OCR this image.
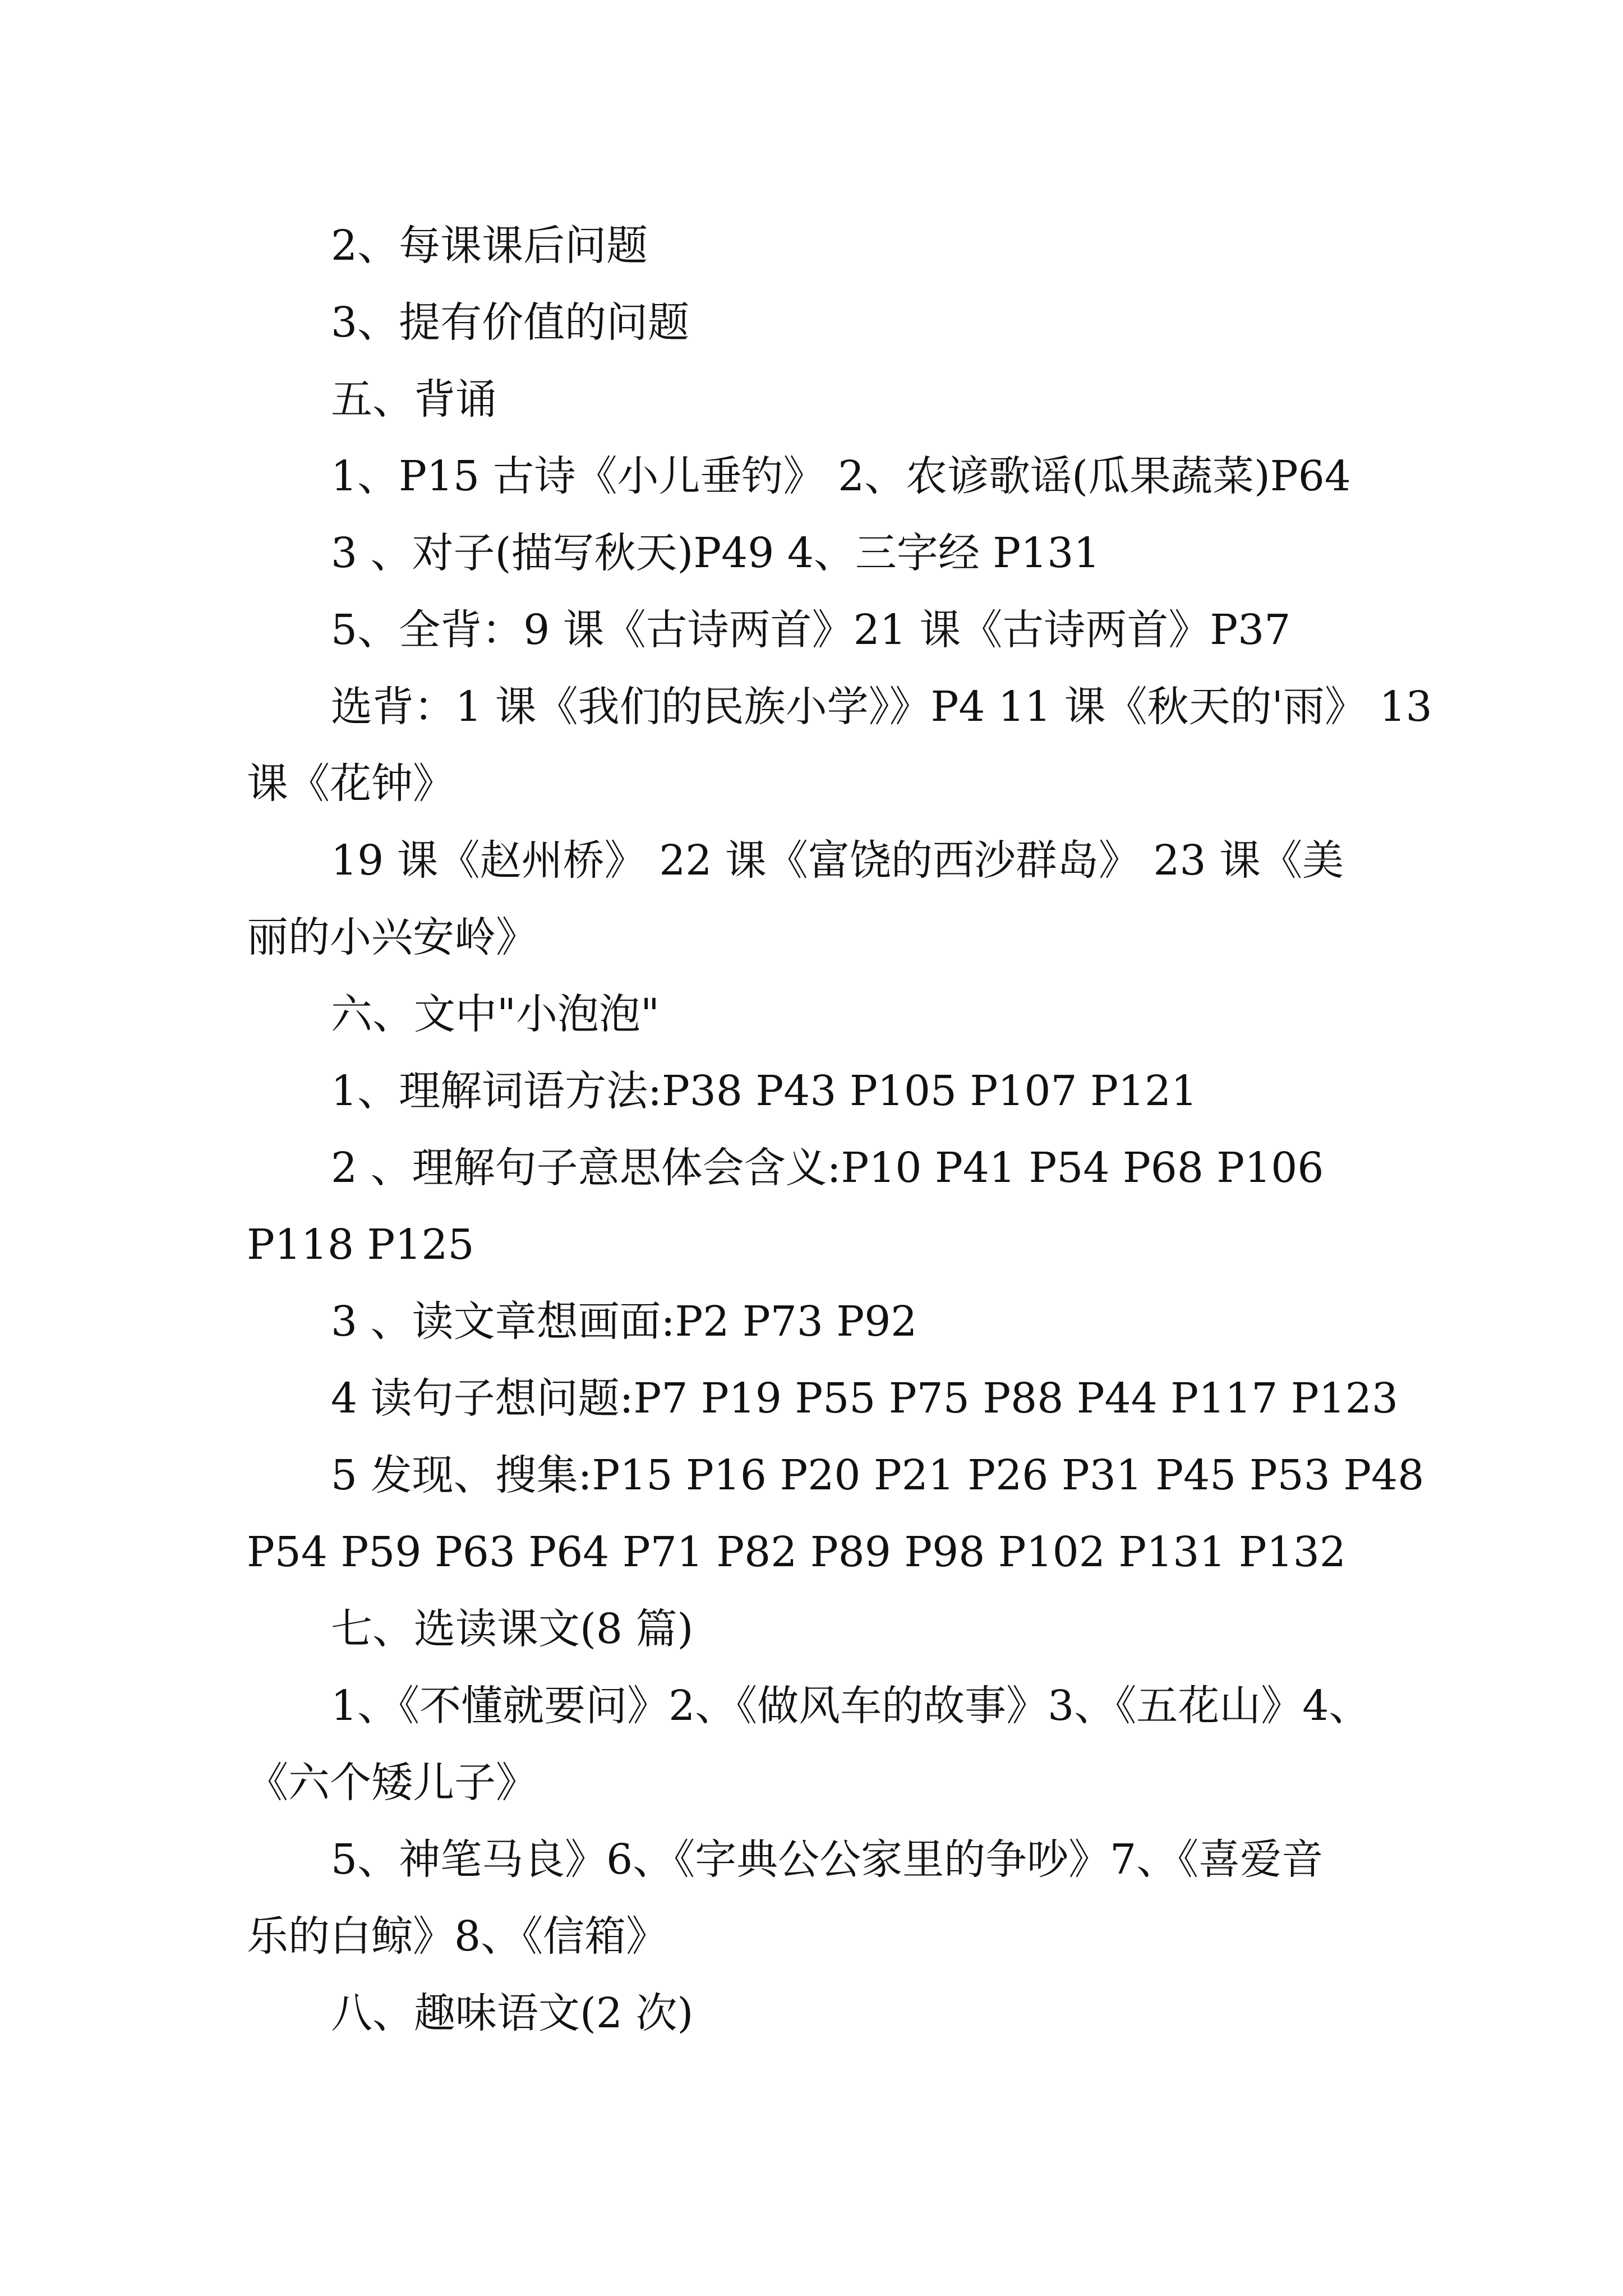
2、每课课后问题

3、提有价值的问题

五、背诵

1、P15 古诗《小儿垂钓》 2、农谚歌谣(瓜果蔬菜)P64

3 、对子(描写秋天)P49 4、三字经 P131

5、全背：9 课《古诗两首》21 课《古诗两首》P37

选背：1 课《我们的民族小学》》P4 11 课《秋天的'雨》 13

课《花钟》

19 课《赵州桥》 22 课《富饶的西沙群岛》 23 课《美

丽的小兴安岭》

六、文中"小泡泡"

1、理解词语方法:P38 P43 P105 P107 P121

2 、理解句子意思体会含义:P10 P41 P54 P68 P106

P118 P125

3 、读文章想画面:P2 P73 P92

4 读句子想问题:P7 P19 P55 P75 P88 P44 P117 P123

5 发现、搜集:P15 P16 P20 P21 P26 P31 P45 P53 P48

P54 P59 P63 P64 P71 P82 P89 P98 P102 P131 P132

七、选读课文(8 篇)

1、《不懂就要问》2、《做风车的故事》3、《五花山》4、

《六个矮儿子》

5、神笔马良》6、《字典公公家里的争吵》7、《喜爱音

乐的白鲸》8、《信箱》

八、趣味语文(2 次)
